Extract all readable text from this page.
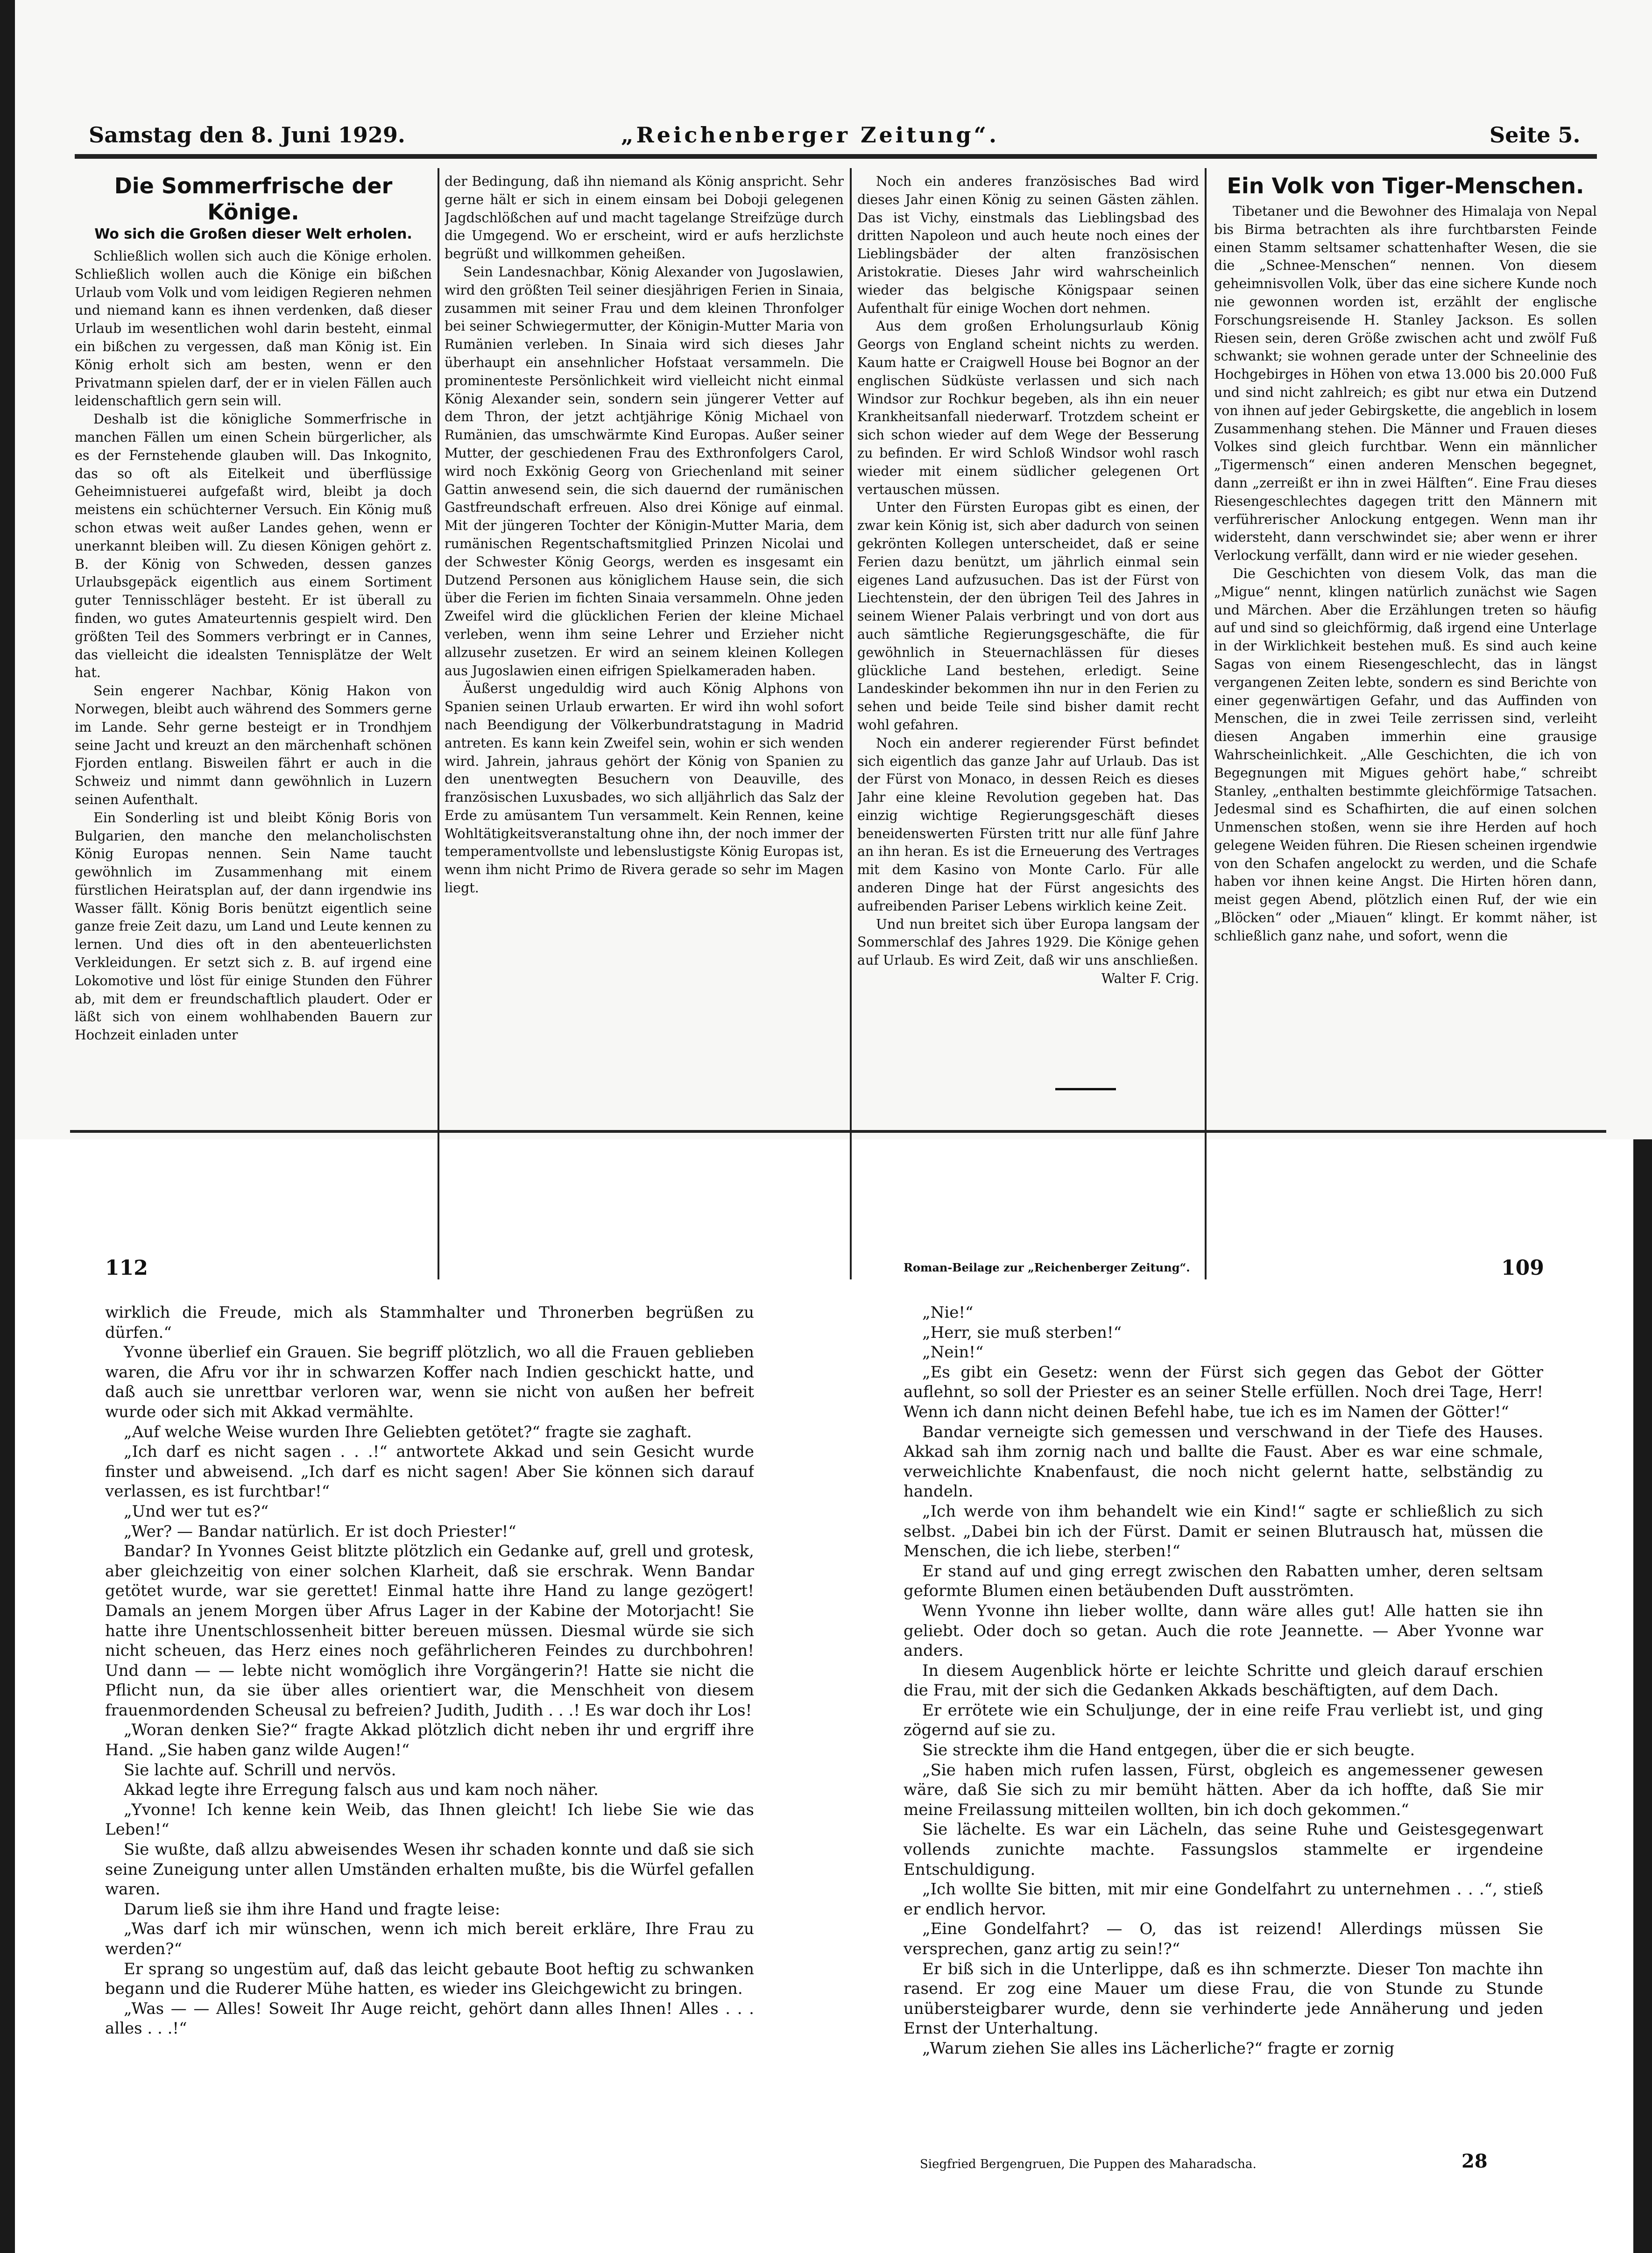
Samstag den 8. Juni 1929.	„Reichenberger Zeitung“.	Seite 5.
Die Sommerfrische der Könige.
Wo sich die Großen dieser Welt erholen.

Schließlich wollen sich auch die Könige erholen. Schließlich wollen auch die Könige ein bißchen Urlaub vom Volk und vom leidigen Regieren nehmen und niemand kann es ihnen verdenken, daß dieser Urlaub im wesentlichen wohl darin besteht, einmal ein bißchen zu vergessen, daß man König ist. Ein König erholt sich am besten, wenn er den Privatmann spielen darf, der er in vielen Fällen auch leidenschaftlich gern sein will.

Deshalb ist die königliche Sommerfrische in manchen Fällen um einen Schein bürgerlicher, als es der Fernstehende glauben will. Das Inkognito, das so oft als Eitelkeit und überflüssige Geheimnistuerei aufgefaßt wird, bleibt ja doch meistens ein schüchterner Versuch. Ein König muß schon etwas weit außer Landes gehen, wenn er unerkannt bleiben will. Zu diesen Königen gehört z. B. der König von Schweden, dessen ganzes Urlaubsgepäck eigentlich aus einem Sortiment guter Tennisschläger besteht. Er ist überall zu finden, wo gutes Amateurtennis gespielt wird. Den größten Teil des Sommers verbringt er in Cannes, das vielleicht die idealsten Tennisplätze der Welt hat.

Sein engerer Nachbar, König Hakon von Norwegen, bleibt auch während des Sommers gerne im Lande. Sehr gerne besteigt er in Trondhjem seine Jacht und kreuzt an den märchenhaft schönen Fjorden entlang. Bisweilen fährt er auch in die Schweiz und nimmt dann gewöhnlich in Luzern seinen Aufenthalt.

Ein Sonderling ist und bleibt König Boris von Bulgarien, den manche den melancholischsten König Europas nennen. Sein Name taucht gewöhnlich im Zusammenhang mit einem fürstlichen Heiratsplan auf, der dann irgendwie ins Wasser fällt. König Boris benützt eigentlich seine ganze freie Zeit dazu, um Land und Leute kennen zu lernen. Und dies oft in den abenteuerlichsten Verkleidungen. Er setzt sich z. B. auf irgend eine Lokomotive und löst für einige Stunden den Führer ab, mit dem er freundschaftlich plaudert. Oder er läßt sich von einem wohlhabenden Bauern zur Hochzeit einladen unter

der Bedingung, daß ihn niemand als König anspricht. Sehr gerne hält er sich in einem einsam bei Doboji gelegenen Jagdschlößchen auf und macht tagelange Streifzüge durch die Umgegend. Wo er erscheint, wird er aufs herzlichste begrüßt und willkommen geheißen.

Sein Landesnachbar, König Alexander von Jugoslawien, wird den größten Teil seiner diesjährigen Ferien in Sinaia, zusammen mit seiner Frau und dem kleinen Thronfolger bei seiner Schwiegermutter, der Königin-Mutter Maria von Rumänien verleben. In Sinaia wird sich dieses Jahr überhaupt ein ansehnlicher Hofstaat versammeln. Die prominenteste Persönlichkeit wird vielleicht nicht einmal König Alexander sein, sondern sein jüngerer Vetter auf dem Thron, der jetzt achtjährige König Michael von Rumänien, das umschwärmte Kind Europas. Außer seiner Mutter, der geschiedenen Frau des Exthronfolgers Carol, wird noch Exkönig Georg von Griechenland mit seiner Gattin anwesend sein, die sich dauernd der rumänischen Gastfreundschaft erfreuen. Also drei Könige auf einmal. Mit der jüngeren Tochter der Königin-Mutter Maria, dem rumänischen Regentschaftsmitglied Prinzen Nicolai und der Schwester König Georgs, werden es insgesamt ein Dutzend Personen aus königlichem Hause sein, die sich über die Ferien im fichten Sinaia versammeln. Ohne jeden Zweifel wird die glücklichen Ferien der kleine Michael verleben, wenn ihm seine Lehrer und Erzieher nicht allzusehr zusetzen. Er wird an seinem kleinen Kollegen aus Jugoslawien einen eifrigen Spielkameraden haben.

Äußerst ungeduldig wird auch König Alphons von Spanien seinen Urlaub erwarten. Er wird ihn wohl sofort nach Beendigung der Völkerbundratstagung in Madrid antreten. Es kann kein Zweifel sein, wohin er sich wenden wird. Jahrein, jahraus gehört der König von Spanien zu den unentwegten Besuchern von Deauville, des französischen Luxusbades, wo sich alljährlich das Salz der Erde zu amüsantem Tun versammelt. Kein Rennen, keine Wohltätigkeitsveranstaltung ohne ihn, der noch immer der temperamentvollste und lebenslustigste König Europas ist, wenn ihm nicht Primo de Rivera gerade so sehr im Magen liegt.

Noch ein anderes französisches Bad wird dieses Jahr einen König zu seinen Gästen zählen. Das ist Vichy, einstmals das Lieblingsbad des dritten Napoleon und auch heute noch eines der Lieblingsbäder der alten französischen Aristokratie. Dieses Jahr wird wahrscheinlich wieder das belgische Königspaar seinen Aufenthalt für einige Wochen dort nehmen.

Aus dem großen Erholungsurlaub König Georgs von England scheint nichts zu werden. Kaum hatte er Craigwell House bei Bognor an der englischen Südküste verlassen und sich nach Windsor zur Rochkur begeben, als ihn ein neuer Krankheitsanfall niederwarf. Trotzdem scheint er sich schon wieder auf dem Wege der Besserung zu befinden. Er wird Schloß Windsor wohl rasch wieder mit einem südlicher gelegenen Ort vertauschen müssen.

Unter den Fürsten Europas gibt es einen, der zwar kein König ist, sich aber dadurch von seinen gekrönten Kollegen unterscheidet, daß er seine Ferien dazu benützt, um jährlich einmal sein eigenes Land aufzusuchen. Das ist der Fürst von Liechtenstein, der den übrigen Teil des Jahres in seinem Wiener Palais verbringt und von dort aus auch sämtliche Regierungsgeschäfte, die für gewöhnlich in Steuernachlässen für dieses glückliche Land bestehen, erledigt. Seine Landeskinder bekommen ihn nur in den Ferien zu sehen und beide Teile sind bisher damit recht wohl gefahren.

Noch ein anderer regierender Fürst befindet sich eigentlich das ganze Jahr auf Urlaub. Das ist der Fürst von Monaco, in dessen Reich es dieses Jahr eine kleine Revolution gegeben hat. Das einzig wichtige Regierungsgeschäft dieses beneidenswerten Fürsten tritt nur alle fünf Jahre an ihn heran. Es ist die Erneuerung des Vertrages mit dem Kasino von Monte Carlo. Für alle anderen Dinge hat der Fürst angesichts des aufreibenden Pariser Lebens wirklich keine Zeit.

Und nun breitet sich über Europa langsam der Sommerschlaf des Jahres 1929. Die Könige gehen auf Urlaub. Es wird Zeit, daß wir uns anschließen.

Walter F. Crig.
Ein Volk von Tiger-Menschen.

Tibetaner und die Bewohner des Himalaja von Nepal bis Birma betrachten als ihre furchtbarsten Feinde einen Stamm seltsamer schattenhafter Wesen, die sie die „Schnee-Menschen“ nennen. Von diesem geheimnisvollen Volk, über das eine sichere Kunde noch nie gewonnen worden ist, erzählt der englische Forschungsreisende H. Stanley Jackson. Es sollen Riesen sein, deren Größe zwischen acht und zwölf Fuß schwankt; sie wohnen gerade unter der Schneelinie des Hochgebirges in Höhen von etwa 13.000 bis 20.000 Fuß und sind nicht zahlreich; es gibt nur etwa ein Dutzend von ihnen auf jeder Gebirgskette, die angeblich in losem Zusammenhang stehen. Die Männer und Frauen dieses Volkes sind gleich furchtbar. Wenn ein männlicher „Tigermensch“ einen anderen Menschen begegnet, dann „zerreißt er ihn in zwei Hälften“. Eine Frau dieses Riesengeschlechtes dagegen tritt den Männern mit verführerischer Anlockung entgegen. Wenn man ihr widersteht, dann verschwindet sie; aber wenn er ihrer Verlockung verfällt, dann wird er nie wieder gesehen.

Die Geschichten von diesem Volk, das man die „Migue“ nennt, klingen natürlich zunächst wie Sagen und Märchen. Aber die Erzählungen treten so häufig auf und sind so gleichförmig, daß irgend eine Unterlage in der Wirklichkeit bestehen muß. Es sind auch keine Sagas von einem Riesengeschlecht, das in längst vergangenen Zeiten lebte, sondern es sind Berichte von einer gegenwärtigen Gefahr, und das Auffinden von Menschen, die in zwei Teile zerrissen sind, verleiht diesen Angaben immerhin eine grausige Wahrscheinlichkeit. „Alle Geschichten, die ich von Begegnungen mit Migues gehört habe,“ schreibt Stanley, „enthalten bestimmte gleichförmige Tatsachen. Jedesmal sind es Schafhirten, die auf einen solchen Unmenschen stoßen, wenn sie ihre Herden auf hoch gelegene Weiden führen. Die Riesen scheinen irgendwie von den Schafen angelockt zu werden, und die Schafe haben vor ihnen keine Angst. Die Hirten hören dann, meist gegen Abend, plötzlich einen Ruf, der wie ein „Blöcken“ oder „Miauen“ klingt. Er kommt näher, ist schließlich ganz nahe, und sofort, wenn die

112

wirklich die Freude, mich als Stammhalter und Thronerben begrüßen zu dürfen.“

Yvonne überlief ein Grauen. Sie begriff plötzlich, wo all die Frauen geblieben waren, die Afru vor ihr in schwarzen Koffer nach Indien geschickt hatte, und daß auch sie unrettbar verloren war, wenn sie nicht von außen her befreit wurde oder sich mit Akkad vermählte.

„Auf welche Weise wurden Ihre Geliebten getötet?“ fragte sie zaghaft.

„Ich darf es nicht sagen . . .!“ antwortete Akkad und sein Gesicht wurde finster und abweisend. „Ich darf es nicht sagen! Aber Sie können sich darauf verlassen, es ist furchtbar!“

„Und wer tut es?“

„Wer? — Bandar natürlich. Er ist doch Priester!“

Bandar? In Yvonnes Geist blitzte plötzlich ein Gedanke auf, grell und grotesk, aber gleichzeitig von einer solchen Klarheit, daß sie erschrak. Wenn Bandar getötet wurde, war sie gerettet! Einmal hatte ihre Hand zu lange gezögert! Damals an jenem Morgen über Afrus Lager in der Kabine der Motorjacht! Sie hatte ihre Unentschlossenheit bitter bereuen müssen. Diesmal würde sie sich nicht scheuen, das Herz eines noch gefährlicheren Feindes zu durchbohren! Und dann — — lebte nicht womöglich ihre Vorgängerin?! Hatte sie nicht die Pflicht nun, da sie über alles orientiert war, die Menschheit von diesem frauenmordenden Scheusal zu befreien? Judith, Judith . . .! Es war doch ihr Los!

„Woran denken Sie?“ fragte Akkad plötzlich dicht neben ihr und ergriff ihre Hand. „Sie haben ganz wilde Augen!“

Sie lachte auf. Schrill und nervös.

Akkad legte ihre Erregung falsch aus und kam noch näher.

„Yvonne! Ich kenne kein Weib, das Ihnen gleicht! Ich liebe Sie wie das Leben!“

Sie wußte, daß allzu abweisendes Wesen ihr schaden konnte und daß sie sich seine Zuneigung unter allen Umständen erhalten mußte, bis die Würfel gefallen waren.

Darum ließ sie ihm ihre Hand und fragte leise:

„Was darf ich mir wünschen, wenn ich mich bereit erkläre, Ihre Frau zu werden?“

Er sprang so ungestüm auf, daß das leicht gebaute Boot heftig zu schwanken begann und die Ruderer Mühe hatten, es wieder ins Gleichgewicht zu bringen.

„Was — — Alles! Soweit Ihr Auge reicht, gehört dann alles Ihnen! Alles . . . alles . . .!“

Roman-Beilage zur „Reichenberger Zeitung“.	109

„Nie!“

„Herr, sie muß sterben!“

„Nein!“

„Es gibt ein Gesetz: wenn der Fürst sich gegen das Gebot der Götter auflehnt, so soll der Priester es an seiner Stelle erfüllen. Noch drei Tage, Herr! Wenn ich dann nicht deinen Befehl habe, tue ich es im Namen der Götter!“

Bandar verneigte sich gemessen und verschwand in der Tiefe des Hauses. Akkad sah ihm zornig nach und ballte die Faust. Aber es war eine schmale, verweichlichte Knabenfaust, die noch nicht gelernt hatte, selbständig zu handeln.

„Ich werde von ihm behandelt wie ein Kind!“ sagte er schließlich zu sich selbst. „Dabei bin ich der Fürst. Damit er seinen Blutrausch hat, müssen die Menschen, die ich liebe, sterben!“

Er stand auf und ging erregt zwischen den Rabatten umher, deren seltsam geformte Blumen einen betäubenden Duft ausströmten.

Wenn Yvonne ihn lieber wollte, dann wäre alles gut! Alle hatten sie ihn geliebt. Oder doch so getan. Auch die rote Jeannette. — Aber Yvonne war anders.

In diesem Augenblick hörte er leichte Schritte und gleich darauf erschien die Frau, mit der sich die Gedanken Akkads beschäftigten, auf dem Dach.

Er errötete wie ein Schuljunge, der in eine reife Frau verliebt ist, und ging zögernd auf sie zu.

Sie streckte ihm die Hand entgegen, über die er sich beugte.

„Sie haben mich rufen lassen, Fürst, obgleich es angemessener gewesen wäre, daß Sie sich zu mir bemüht hätten. Aber da ich hoffte, daß Sie mir meine Freilassung mitteilen wollten, bin ich doch gekommen.“

Sie lächelte. Es war ein Lächeln, das seine Ruhe und Geistesgegenwart vollends zunichte machte. Fassungslos stammelte er irgendeine Entschuldigung.

„Ich wollte Sie bitten, mit mir eine Gondelfahrt zu unternehmen . . .“, stieß er endlich hervor.

„Eine Gondelfahrt? — O, das ist reizend! Allerdings müssen Sie versprechen, ganz artig zu sein!?“

Er biß sich in die Unterlippe, daß es ihn schmerzte. Dieser Ton machte ihn rasend. Er zog eine Mauer um diese Frau, die von Stunde zu Stunde unübersteigbarer wurde, denn sie verhinderte jede Annäherung und jeden Ernst der Unterhaltung.

„Warum ziehen Sie alles ins Lächerliche?“ fragte er zornig

Siegfried Bergengruen, Die Puppen des Maharadscha.	28
